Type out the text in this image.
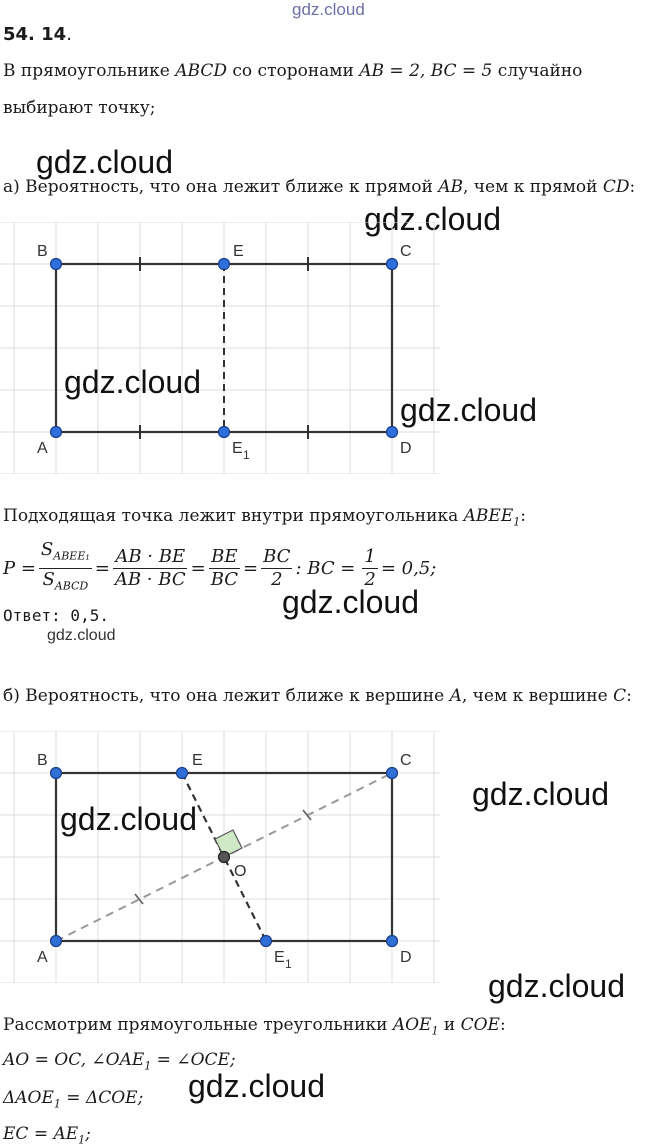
gdz.cloud
54. 14.
В прямоугольнике ABCD со сторонами AB = 2, BC = 5 случайно
выбирают точку;
gdz.cloud
а) Вероятность, что она лежит ближе к прямой AB, чем к прямой CD:
gdz.cloud
B	E	C
A	E 1	D
gdz.cloud
gdz.cloud
Подходящая точка лежит внутри прямоугольника $ABEE_1$:
$P = \frac{S_{ABEE_1}}{S_{ABCD}} = \frac{AB \cdot BE}{AB \cdot BC} = \frac{BE}{BC} = \frac{BC}{2}$ : BC = $\frac{1}{2} = 0,5$;
gdz.cloud
Ответ: 0,5.
gdz.cloud
б) Вероятность, что она лежит ближе к вершине A, чем к вершине C:
B	E	C
O
A	E 1	D
gdz.cloud
gdz.cloud
gdz.cloud
Рассмотрим прямоугольные треугольники $AOE_1$ и COE:
AO = OC, $\angle OAE_1$ = ∠OCE;
$\Delta AOE_1 = \Delta COE$; gdz.cloud
EC = $AE_1$;
